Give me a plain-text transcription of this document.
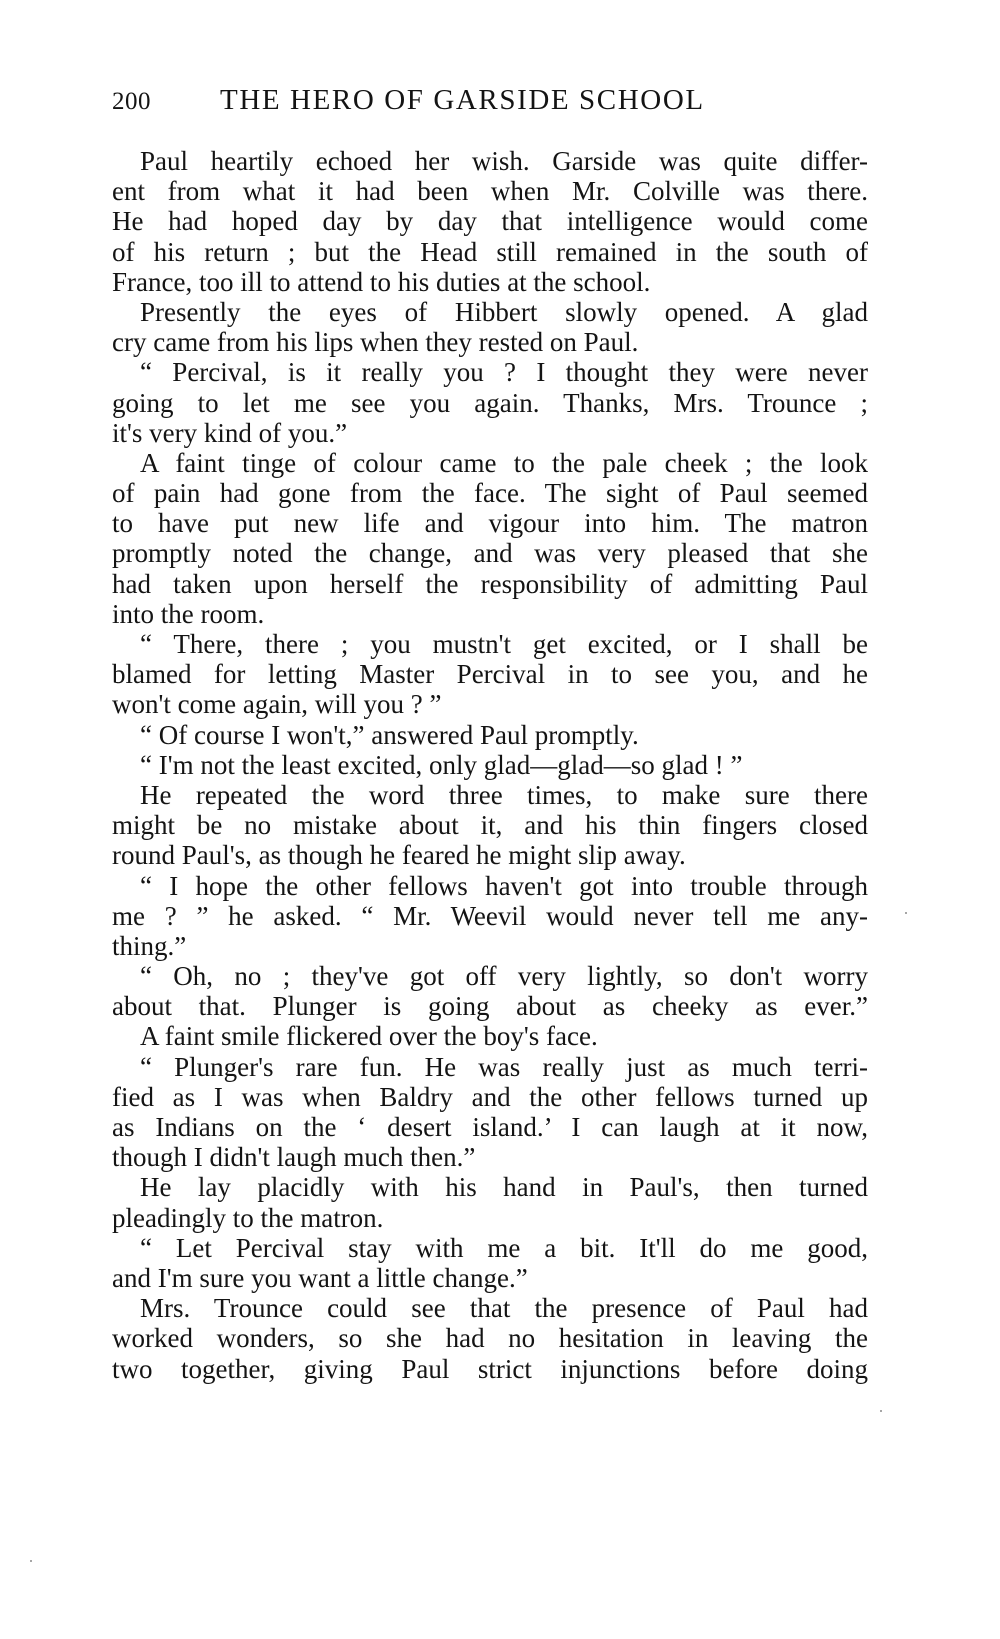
200 THE HERO OF GARSIDE SCHOOL
Paul heartily echoed her wish. Garside was quite differ-
ent from what it had been when Mr. Colville was there.
He had hoped day by day that intelligence would come
of his return ; but the Head still remained in the south of
France, too ill to attend to his duties at the school.
Presently the eyes of Hibbert slowly opened. A glad
cry came from his lips when they rested on Paul.
“ Percival, is it really you ? I thought they were never
going to let me see you again. Thanks, Mrs. Trounce ;
it's very kind of you.”
A faint tinge of colour came to the pale cheek ; the look
of pain had gone from the face. The sight of Paul seemed
to have put new life and vigour into him. The matron
promptly noted the change, and was very pleased that she
had taken upon herself the responsibility of admitting Paul
into the room.
“ There, there ; you mustn't get excited, or I shall be
blamed for letting Master Percival in to see you, and he
won't come again, will you ? ”
“ Of course I won't,” answered Paul promptly.
“ I'm not the least excited, only glad—glad—so glad ! ”
He repeated the word three times, to make sure there
might be no mistake about it, and his thin fingers closed
round Paul's, as though he feared he might slip away.
“ I hope the other fellows haven't got into trouble through
me ? ” he asked. “ Mr. Weevil would never tell me any-
thing.”
“ Oh, no ; they've got off very lightly, so don't worry
about that. Plunger is going about as cheeky as ever.”
A faint smile flickered over the boy's face.
“ Plunger's rare fun. He was really just as much terri-
fied as I was when Baldry and the other fellows turned up
as Indians on the ‘ desert island.’ I can laugh at it now,
though I didn't laugh much then.”
He lay placidly with his hand in Paul's, then turned
pleadingly to the matron.
“ Let Percival stay with me a bit. It'll do me good,
and I'm sure you want a little change.”
Mrs. Trounce could see that the presence of Paul had
worked wonders, so she had no hesitation in leaving the
two together, giving Paul strict injunctions before doing
